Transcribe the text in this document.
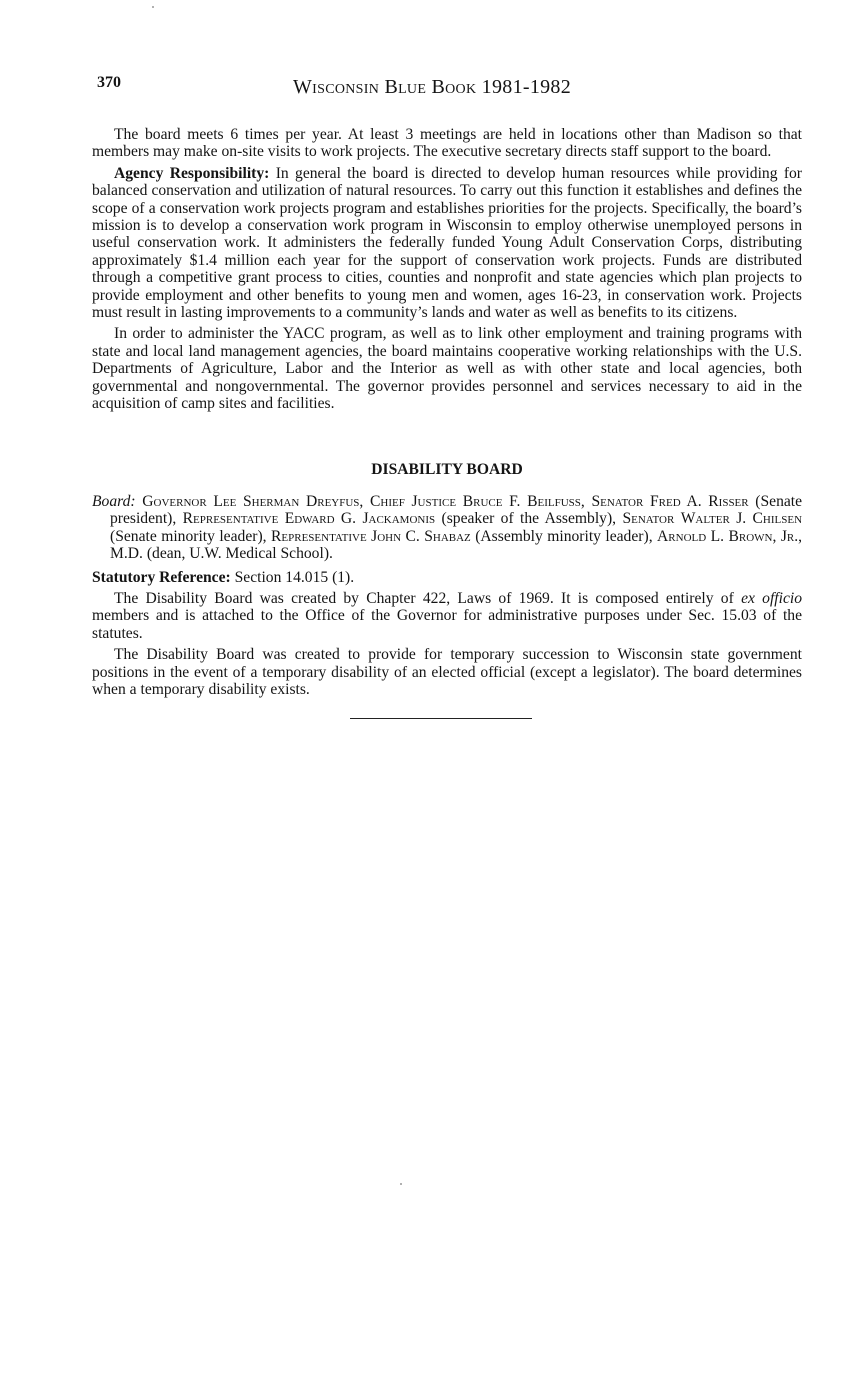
370	Wisconsin Blue Book 1981-1982

The board meets 6 times per year. At least 3 meetings are held in locations other than Madison so that members may make on-site visits to work projects. The executive secretary directs staff support to the board.

Agency Responsibility: In general the board is directed to develop human resources while providing for balanced conservation and utilization of natural resources. To carry out this function it establishes and defines the scope of a conservation work projects program and establishes priorities for the projects. Specifically, the board’s mission is to develop a conservation work program in Wisconsin to employ otherwise unemployed persons in useful conservation work. It administers the federally funded Young Adult Conservation Corps, distributing approximately $1.4 million each year for the support of conservation work projects. Funds are distributed through a competitive grant process to cities, counties and nonprofit and state agencies which plan projects to provide employment and other benefits to young men and women, ages 16-23, in conservation work. Projects must result in lasting improvements to a community’s lands and water as well as benefits to its citizens.

In order to administer the YACC program, as well as to link other employment and training programs with state and local land management agencies, the board maintains cooperative working relationships with the U.S. Departments of Agriculture, Labor and the Interior as well as with other state and local agencies, both governmental and nongovernmental. The governor provides personnel and services necessary to aid in the acquisition of camp sites and facilities.

DISABILITY BOARD

Board: Governor Lee Sherman Dreyfus, Chief Justice Bruce F. Beilfuss, Senator Fred A. Risser (Senate president), Representative Edward G. Jackamonis (speaker of the Assembly), Senator Walter J. Chilsen (Senate minority leader), Representative John C. Shabaz (Assembly minority leader), Arnold L. Brown, Jr., M.D. (dean, U.W. Medical School).

Statutory Reference: Section 14.015 (1).

The Disability Board was created by Chapter 422, Laws of 1969. It is composed entirely of ex officio members and is attached to the Office of the Governor for administrative purposes under Sec. 15.03 of the statutes.

The Disability Board was created to provide for temporary succession to Wisconsin state government positions in the event of a temporary disability of an elected official (except a legislator). The board determines when a temporary disability exists.
